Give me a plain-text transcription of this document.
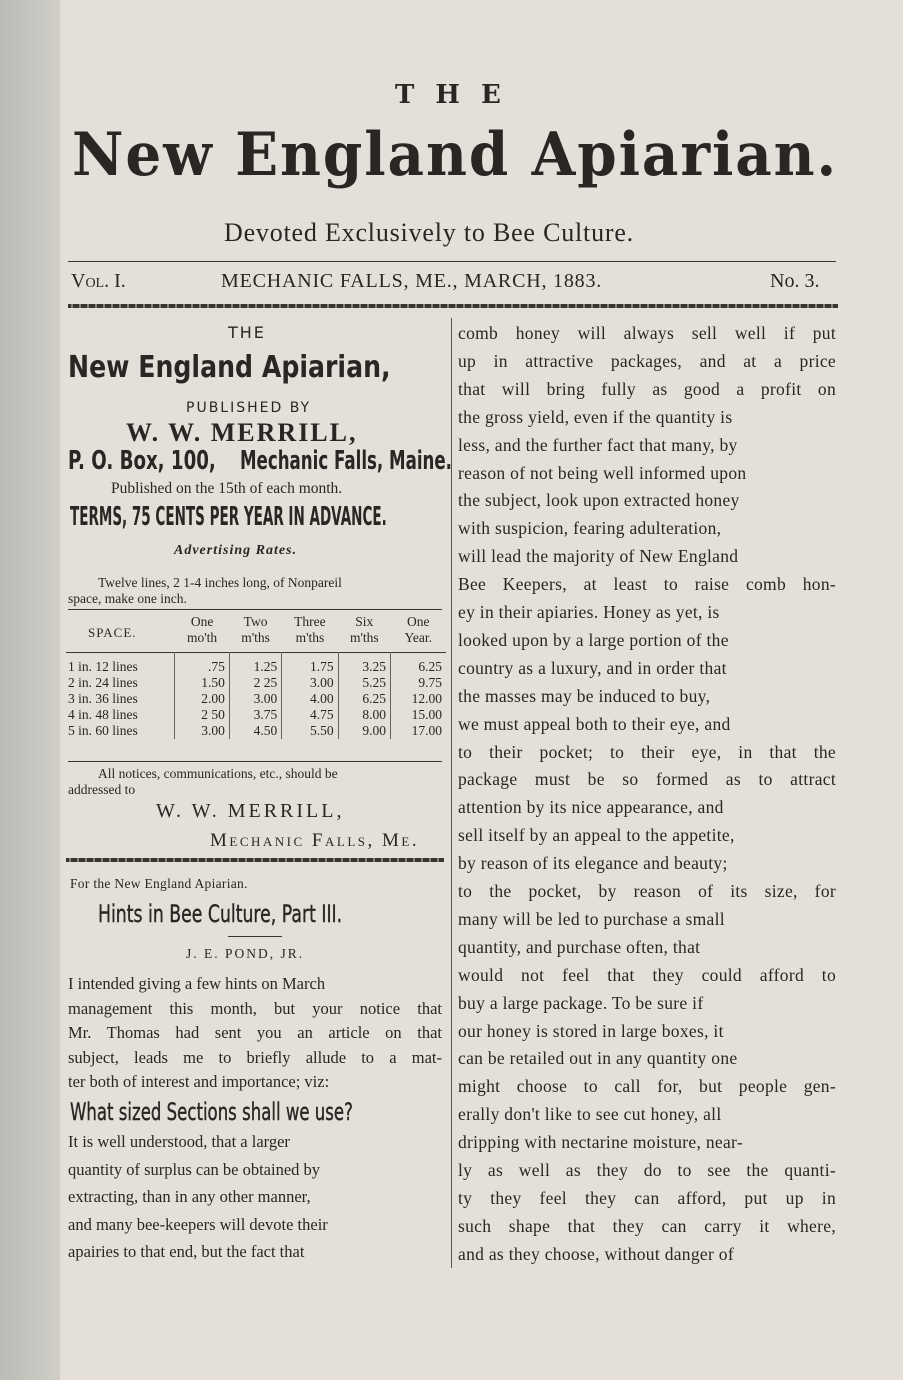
T H E
New England Apiarian.
Devoted Exclusively to Bee Culture.
Vol. I.	MECHANIC FALLS, ME., MARCH, 1883.	No. 3.
THE
New England Apiarian,
PUBLISHED BY
W. W. MERRILL,
P. O. Box, 100, Mechanic Falls, Maine.
Published on the 15th of each month.
TERMS, 75 CENTS PER YEAR IN ADVANCE.
Advertising Rates.
Twelve lines, 2 1-4 inches long, of Nonpareil
space, make one inch.
SPACE.	One	Two	Three	Six	One
	mo'th	m'ths	m'ths	m'ths	Year.
1 in. 12 lines	.75	1.25	1.75	3.25	6.25
2 in. 24 lines	1.50	2 25	3.00	5.25	9.75
3 in. 36 lines	2.00	3.00	4.00	6.25	12.00
4 in. 48 lines	2 50	3.75	4.75	8.00	15.00
5 in. 60 lines	3.00	4.50	5.50	9.00	17.00
All notices, communications, etc., should be
addressed to
W. W. MERRILL,
Mechanic Falls, Me.
For the New England Apiarian.
Hints in Bee Culture, Part III.
J. E. POND, JR.
I intended giving a few hints on March
management this month, but your notice that
Mr. Thomas had sent you an article on that
subject, leads me to briefly allude to a mat-
ter both of interest and importance; viz:
What sized Sections shall we use?
It is well understood, that a larger
quantity of surplus can be obtained by
extracting, than in any other manner,
and many bee-keepers will devote their
apairies to that end, but the fact that
comb honey will always sell well if put
up in attractive packages, and at a price
that will bring fully as good a profit on
the gross yield, even if the quantity is
less, and the further fact that many, by
reason of not being well informed upon
the subject, look upon extracted honey
with suspicion, fearing adulteration,
will lead the majority of New England
Bee Keepers, at least to raise comb hon-
ey in their apiaries. Honey as yet, is
looked upon by a large portion of the
country as a luxury, and in order that
the masses may be induced to buy,
we must appeal both to their eye, and
to their pocket; to their eye, in that the
package must be so formed as to attract
attention by its nice appearance, and
sell itself by an appeal to the appetite,
by reason of its elegance and beauty;
to the pocket, by reason of its size, for
many will be led to purchase a small
quantity, and purchase often, that
would not feel that they could afford to
buy a large package. To be sure if
our honey is stored in large boxes, it
can be retailed out in any quantity one
might choose to call for, but people gen-
erally don't like to see cut honey, all
dripping with nectarine moisture, near-
ly as well as they do to see the quanti-
ty they feel they can afford, put up in
such shape that they can carry it where,
and as they choose, without danger of
